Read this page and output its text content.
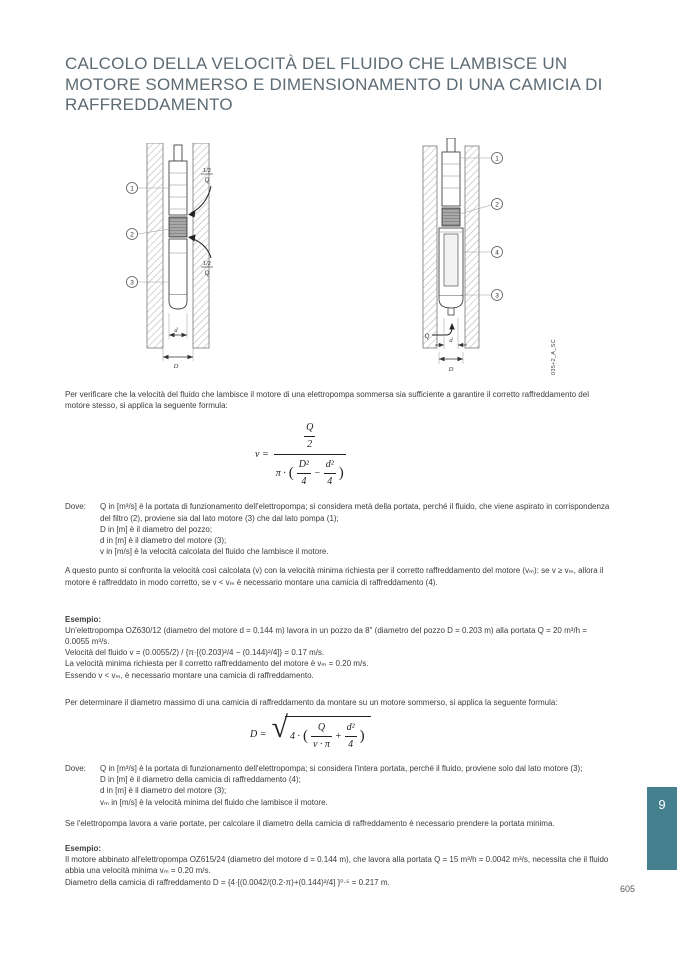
CALCOLO DELLA VELOCITÀ DEL FLUIDO CHE LAMBISCE UN
MOTORE SOMMERSO E DIMENSIONAMENTO DI UNA CAMICIA DI
RAFFREDDAMENTO
1
2
3
1/2
Q
1/2
Q
d
D
1
2
4
3
Q
d
D	035+2_A_SC

Per verificare che la velocità del fluido che lambisce il motore di una elettropompa sommersa sia sufficiente a garantire il corretto raffreddamento del motore stesso, si applica la seguente formula:

v =
$\frac{Q}{2}$
π · ( $\frac{\text{D²}}{4} - \frac{\text{d²}}{4}$ )
Dove:	Q in [m³/s] è la portata di funzionamento dell'elettropompa; si considera metà della portata, perché il fluido, che viene aspirato in corrispondenza del filtro (2), proviene sia dal lato motore (3) che dal lato pompa (1);
D in [m] è il diametro del pozzo;
d in [m] è il diametro del motore (3);
v in [m/s] è la velocità calcolata del fluido che lambisce il motore.

A questo punto si confronta la velocità così calcolata (v) con la velocità minima richiesta per il corretto raffreddamento del motore (vₘ): se v ≥ vₘ, allora il motore è raffreddato in modo corretto, se v < vₘ è necessario montare una camicia di raffreddamento (4).

Esempio:
Un'elettropompa OZ630/12 (diametro del motore d = 0.144 m) lavora in un pozzo da 8" (diametro del pozzo D = 0.203 m) alla portata Q = 20 m³/h = 0.0055 m³/s.
Velocità del fluido v = (0.0055/2) / {π·[(0.203)²/4 − (0.144)²/4]} = 0.17 m/s.
La velocità minima richiesta per il corretto raffreddamento del motore è vₘ = 0.20 m/s.
Essendo v < vₘ, è necessario montare una camicia di raffreddamento.

Per determinare il diametro massimo di una camicia di raffreddamento da montare su un motore sommerso, si applica la seguente formula:

D = √ 4 · ( $\frac{Q}{v \cdot \pi} + \frac{\text{d²}}{4}$ )
Dove:	Q in [m³/s] è la portata di funzionamento dell'elettropompa; si considera l'intera portata, perché il fluido, proviene solo dal lato motore (3);
D in [m] è il diametro della camicia di raffreddamento (4);
d in [m] è il diametro del motore (3);
vₘ in [m/s] è la velocità minima del fluido che lambisce il motore.

Se l'elettropompa lavora a varie portate, per calcolare il diametro della camicia di raffreddamento è necessario prendere la portata minima.

Esempio:
Il motore abbinato all'elettropompa OZ615/24 (diametro del motore d = 0.144 m), che lavora alla portata Q = 15 m³/h = 0.0042 m³/s, necessita che il fluido abbia una velocità minima vₘ = 0.20 m/s.
Diametro della camicia di raffreddamento D = {4·[(0.0042/(0.2·π)+(0.144)²/4] }⁰·⁵ = 0.217 m.
9
605
